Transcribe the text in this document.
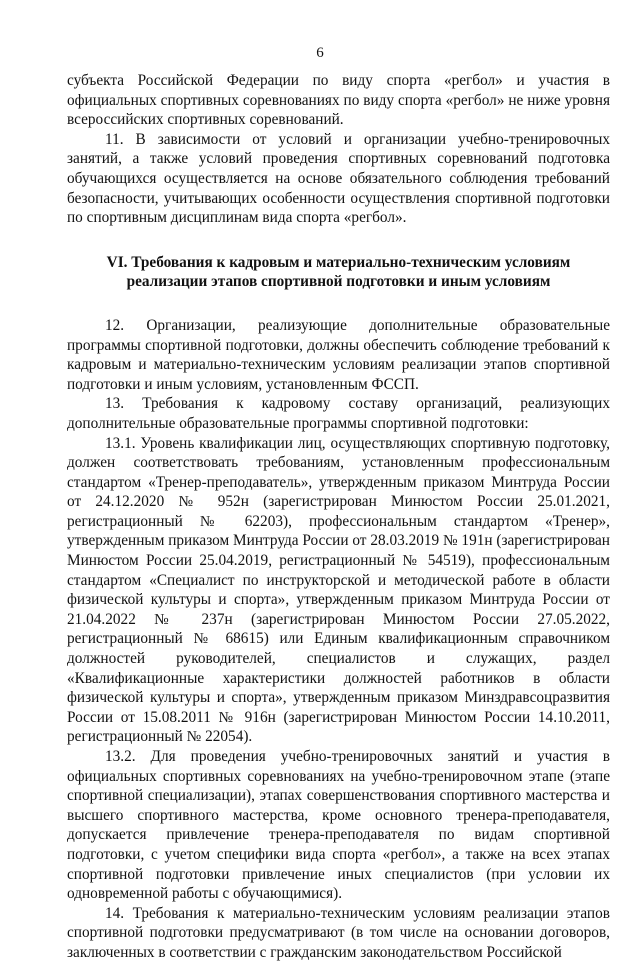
6

субъекта Российской Федерации по виду спорта «регбол» и участия в официальных спортивных соревнованиях по виду спорта «регбол» не ниже уровня всероссийских спортивных соревнований.

11. В зависимости от условий и организации учебно-тренировочных занятий, а также условий проведения спортивных соревнований подготовка обучающихся осуществляется на основе обязательного соблюдения требований безопасности, учитывающих особенности осуществления спортивной подготовки по спортивным дисциплинам вида спорта «регбол».

VI. Требования к кадровым и материально-техническим условиям реализации этапов спортивной подготовки и иным условиям

12. Организации, реализующие дополнительные образовательные программы спортивной подготовки, должны обеспечить соблюдение требований к кадровым и материально-техническим условиям реализации этапов спортивной подготовки и иным условиям, установленным ФССП.

13. Требования к кадровому составу организаций, реализующих дополнительные образовательные программы спортивной подготовки:

13.1. Уровень квалификации лиц, осуществляющих спортивную подготовку, должен соответствовать требованиям, установленным профессиональным стандартом «Тренер-преподаватель», утвержденным приказом Минтруда России от 24.12.2020 № 952н (зарегистрирован Минюстом России 25.01.2021, регистрационный № 62203), профессиональным стандартом «Тренер», утвержденным приказом Минтруда России от 28.03.2019 № 191н (зарегистрирован Минюстом России 25.04.2019, регистрационный № 54519), профессиональным стандартом «Специалист по инструкторской и методической работе в области физической культуры и спорта», утвержденным приказом Минтруда России от 21.04.2022 № 237н (зарегистрирован Минюстом России 27.05.2022, регистрационный № 68615) или Единым квалификационным справочником должностей руководителей, специалистов и служащих, раздел «Квалификационные характеристики должностей работников в области физической культуры и спорта», утвержденным приказом Минздравсоцразвития России от 15.08.2011 № 916н (зарегистрирован Минюстом России 14.10.2011, регистрационный № 22054).

13.2. Для проведения учебно-тренировочных занятий и участия в официальных спортивных соревнованиях на учебно-тренировочном этапе (этапе спортивной специализации), этапах совершенствования спортивного мастерства и высшего спортивного мастерства, кроме основного тренера-преподавателя, допускается привлечение тренера-преподавателя по видам спортивной подготовки, с учетом специфики вида спорта «регбол», а также на всех этапах спортивной подготовки привлечение иных специалистов (при условии их одновременной работы с обучающимися).

14. Требования к материально-техническим условиям реализации этапов спортивной подготовки предусматривают (в том числе на основании договоров, заключенных в соответствии с гражданским законодательством Российской
